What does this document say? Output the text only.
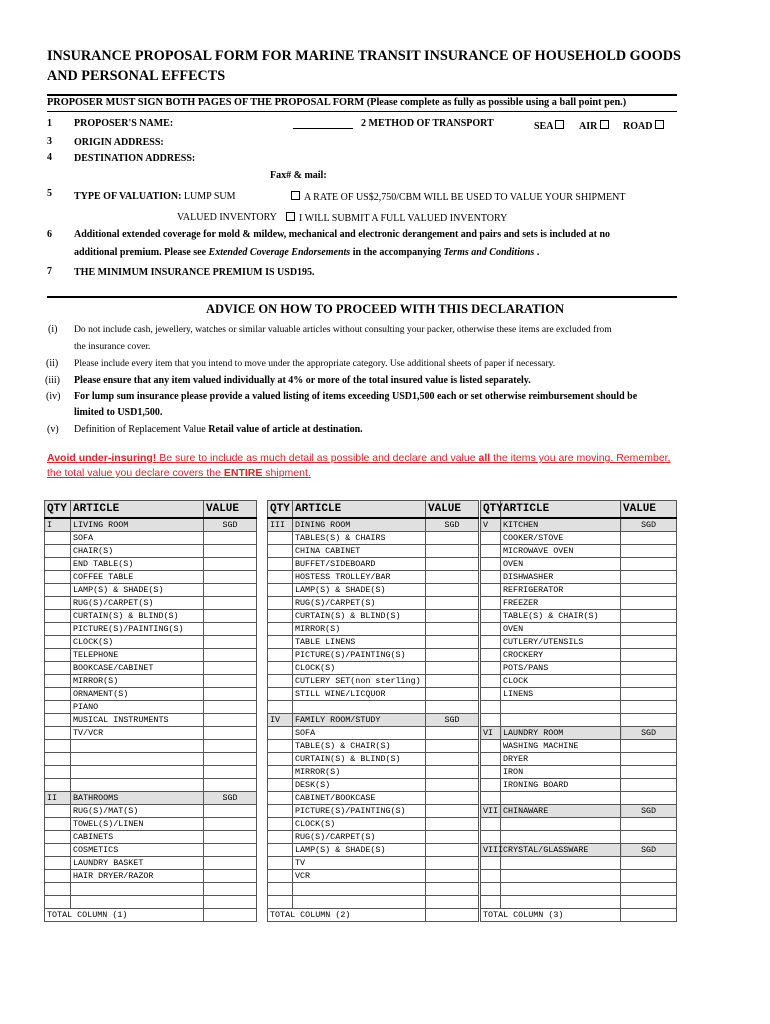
INSURANCE PROPOSAL FORM FOR MARINE TRANSIT INSURANCE OF HOUSEHOLD GOODS AND PERSONAL EFFECTS
PROPOSER MUST SIGN BOTH PAGES OF THE PROPOSAL FORM (Please complete as fully as possible using a ball point pen.)
1 PROPOSER'S NAME:	2 METHOD OF TRANSPORT	SEA	AIR	ROAD
3 ORIGIN ADDRESS:
4 DESTINATION ADDRESS:
Fax# & mail:
5 TYPE OF VALUATION: LUMP SUM	A RATE OF US$2,750/CBM WILL BE USED TO VALUE YOUR SHIPMENT
VALUED INVENTORY	I WILL SUBMIT A FULL VALUED INVENTORY
6 Additional extended coverage for mold & mildew, mechanical and electronic derangement and pairs and sets is included at no
additional premium. Please see Extended Coverage Endorsements in the accompanying Terms and Conditions .
7 THE MINIMUM INSURANCE PREMIUM IS USD195.
ADVICE ON HOW TO PROCEED WITH THIS DECLARATION
(i) Do not include cash, jewellery, watches or similar valuable articles without consulting your packer, otherwise these items are excluded from
the insurance cover.
(ii) Please include every item that you intend to move under the appropriate category. Use additional sheets of paper if necessary.
(iii) Please ensure that any item valued individually at 4% or more of the total insured value is listed separately.
(iv) For lump sum insurance please provide a valued listing of items exceeding USD1,500 each or set otherwise reimbursement should be
limited to USD1,500.
(v) Definition of Replacement Value Retail value of article at destination.
Avoid under-insuring! Be sure to include as much detail as possible and declare and value all the items you are moving. Remember,
the total value you declare covers the ENTIRE shipment.
QTY	ARTICLE	VALUE
I	LIVING ROOM	SGD
	SOFA	
	CHAIR(S)	
	END TABLE(S)	
	COFFEE TABLE	
	LAMP(S) & SHADE(S)	
	RUG(S)/CARPET(S)	
	CURTAIN(S) & BLIND(S)	
	PICTURE(S)/PAINTING(S)	
	CLOCK(S)	
	TELEPHONE	
	BOOKCASE/CABINET	
	MIRROR(S)	
	ORNAMENT(S)	
	PIANO	
	MUSICAL INSTRUMENTS	
	TV/VCR	

II	BATHROOMS	SGD
	RUG(S)/MAT(S)	
	TOWEL(S)/LINEN	
	CABINETS	
	COSMETICS	
	LAUNDRY BASKET	
	HAIR DRYER/RAZOR	

TOTAL COLUMN (1)		
QTY	ARTICLE	VALUE
III	DINING ROOM	SGD
	TABLES(S) & CHAIRS	
	CHINA CABINET	
	BUFFET/SIDEBOARD	
	HOSTESS TROLLEY/BAR	
	LAMP(S) & SHADE(S)	
	RUG(S)/CARPET(S)	
	CURTAIN(S) & BLIND(S)	
	MIRROR(S)	
	TABLE LINENS	
	PICTURE(S)/PAINTING(S)	
	CLOCK(S)	
	CUTLERY SET(non sterling)	
	STILL WINE/LICQUOR	

IV	FAMILY ROOM/STUDY	SGD
	SOFA	
	TABLE(S) & CHAIR(S)	
	CURTAIN(S) & BLIND(S)	
	MIRROR(S)	
	DESK(S)	
	CABINET/BOOKCASE	
	PICTURE(S)/PAINTING(S)	
	CLOCK(S)	
	RUG(S)/CARPET(S)	
	LAMP(S) & SHADE(S)	
	TV	
	VCR	

TOTAL COLUMN (2)		
QTY	ARTICLE	VALUE
V	KITCHEN	SGD
	COOKER/STOVE	
	MICROWAVE OVEN	
	OVEN	
	DISHWASHER	
	REFRIGERATOR	
	FREEZER	
	TABLE(S) & CHAIR(S)	
	OVEN	
	CUTLERY/UTENSILS	
	CROCKERY	
	POTS/PANS	
	CLOCK	
	LINENS	

VI	LAUNDRY ROOM	SGD
	WASHING MACHINE	
	DRYER	
	IRON	
	IRONING BOARD	

VII	CHINAWARE	SGD

VIII	CRYSTAL/GLASSWARE	SGD

TOTAL COLUMN (3)		
